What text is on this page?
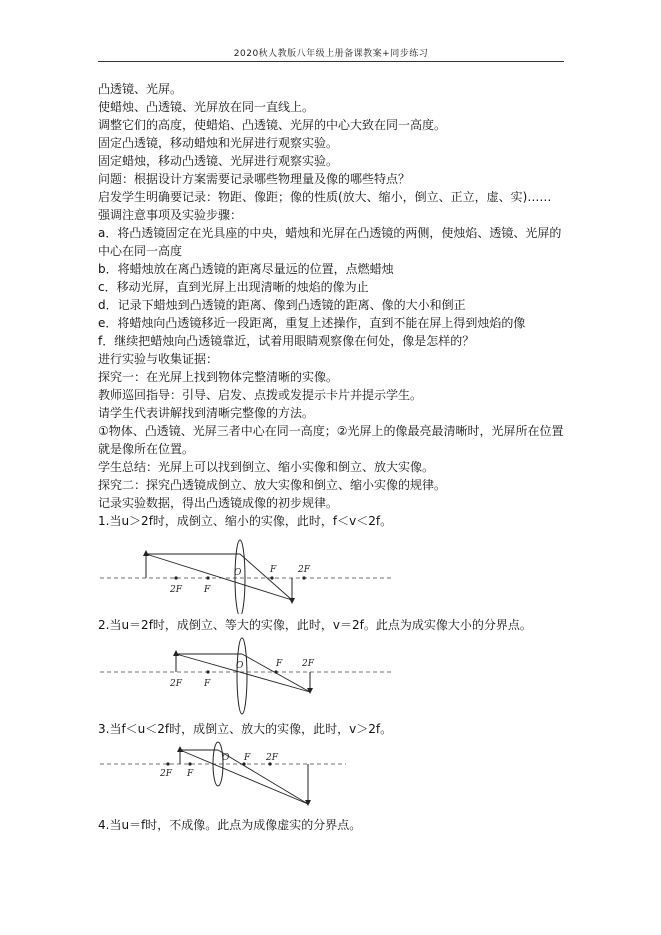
2020秋人教版八年级上册备课教案+同步练习
凸透镜、光屏。
使蜡烛、凸透镜、光屏放在同一直线上。
调整它们的高度，使蜡焰、凸透镜、光屏的中心大致在同一高度。
固定凸透镜，移动蜡烛和光屏进行观察实验。
固定蜡烛，移动凸透镜、光屏进行观察实验。
问题：根据设计方案需要记录哪些物理量及像的哪些特点？
启发学生明确要记录：物距、像距；像的性质(放大、缩小，倒立、正立，虚、实)……
强调注意事项及实验步骤：
a．将凸透镜固定在光具座的中央，蜡烛和光屏在凸透镜的两侧，使烛焰、透镜、光屏的中心在同一高度
b．将蜡烛放在离凸透镜的距离尽量远的位置，点燃蜡烛
c．移动光屏，直到光屏上出现清晰的烛焰的像为止
d．记录下蜡烛到凸透镜的距离、像到凸透镜的距离、像的大小和倒正
e．将蜡烛向凸透镜移近一段距离，重复上述操作，直到不能在屏上得到烛焰的像
f．继续把蜡烛向凸透镜靠近，试着用眼睛观察像在何处，像是怎样的？
进行实验与收集证据：
探究一：在光屏上找到物体完整清晰的实像。
教师巡回指导：引导、启发、点拨或发提示卡片并提示学生。
请学生代表讲解找到清晰完整像的方法。
①物体、凸透镜、光屏三者中心在同一高度；②光屏上的像最亮最清晰时，光屏所在位置就是像所在位置。
学生总结：光屏上可以找到倒立、缩小实像和倒立、放大实像。
探究二：探究凸透镜成倒立、放大实像和倒立、缩小实像的规律。
记录实验数据，得出凸透镜成像的初步规律。
1.当u＞2f时，成倒立、缩小的实像，此时，f＜v＜2f。
2F F
O	F 2F
2.当u＝2f时，成倒立、等大的实像，此时，v＝2f。此点为成实像大小的分界点。
2F F
O	F 2F
3.当f＜u＜2f时，成倒立、放大的实像，此时，v＞2f。
2F F
O F 2F
4.当u＝f时，不成像。此点为成像虚实的分界点。
